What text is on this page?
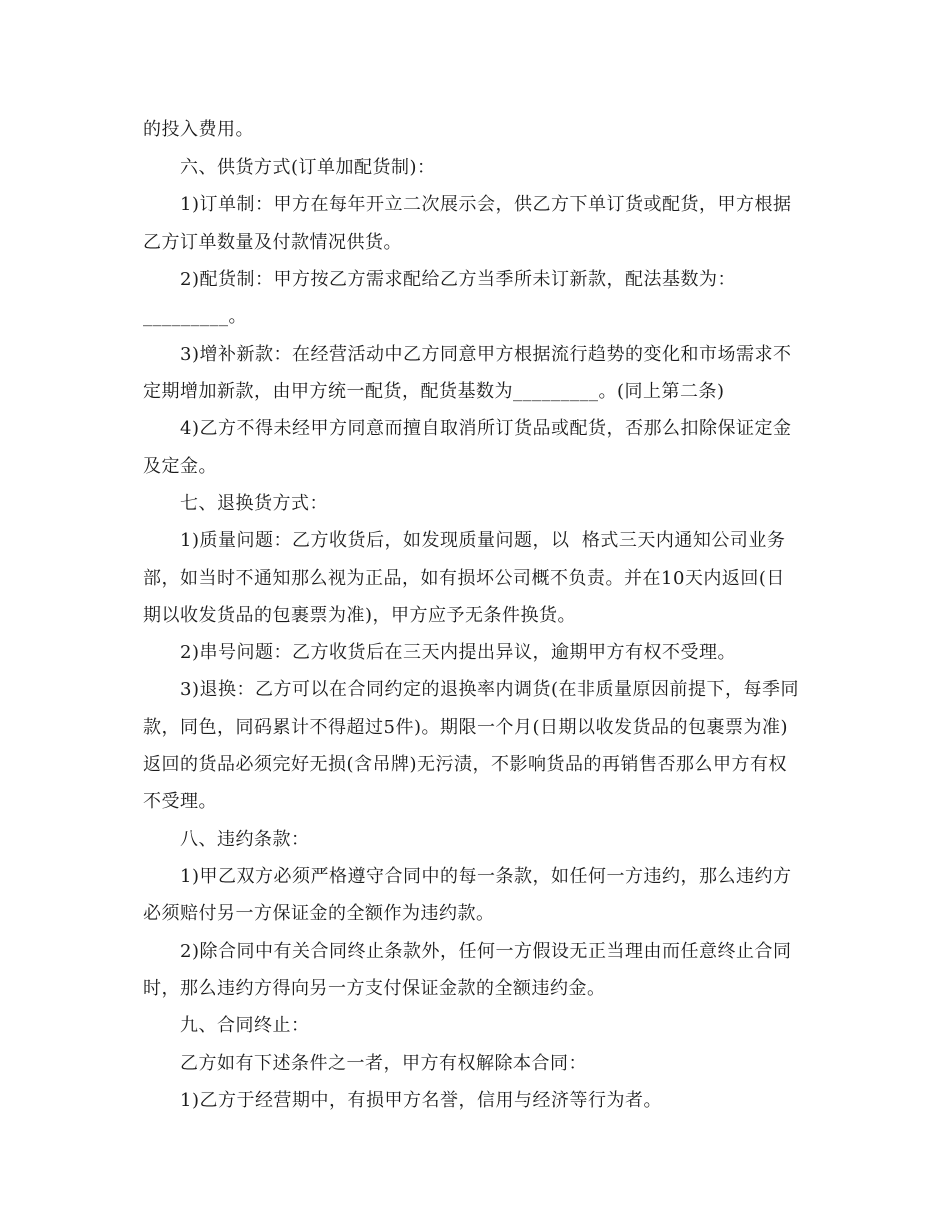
的投入费用。
六、供货方式(订单加配货制)：
1)订单制：甲方在每年开立二次展示会，供乙方下单订货或配货，甲方根据
乙方订单数量及付款情况供货。
2)配货制：甲方按乙方需求配给乙方当季所未订新款，配法基数为：
_________。
3)增补新款：在经营活动中乙方同意甲方根据流行趋势的变化和市场需求不
定期增加新款，由甲方统一配货，配货基数为_________。(同上第二条)
4)乙方不得未经甲方同意而擅自取消所订货品或配货，否那么扣除保证定金
及定金。
七、退换货方式：
1)质量问题：乙方收货后，如发现质量问题，以  格式三天内通知公司业务
部，如当时不通知那么视为正品，如有损坏公司概不负责。并在10天内返回(日
期以收发货品的包裹票为准)，甲方应予无条件换货。
2)串号问题：乙方收货后在三天内提出异议，逾期甲方有权不受理。
3)退换：乙方可以在合同约定的退换率内调货(在非质量原因前提下，每季同
款，同色，同码累计不得超过5件)。期限一个月(日期以收发货品的包裹票为准)
返回的货品必须完好无损(含吊牌)无污渍，不影响货品的再销售否那么甲方有权
不受理。
八、违约条款：
1)甲乙双方必须严格遵守合同中的每一条款，如任何一方违约，那么违约方
必须赔付另一方保证金的全额作为违约款。
2)除合同中有关合同终止条款外，任何一方假设无正当理由而任意终止合同
时，那么违约方得向另一方支付保证金款的全额违约金。
九、合同终止：
乙方如有下述条件之一者，甲方有权解除本合同：
1)乙方于经营期中，有损甲方名誉，信用与经济等行为者。
